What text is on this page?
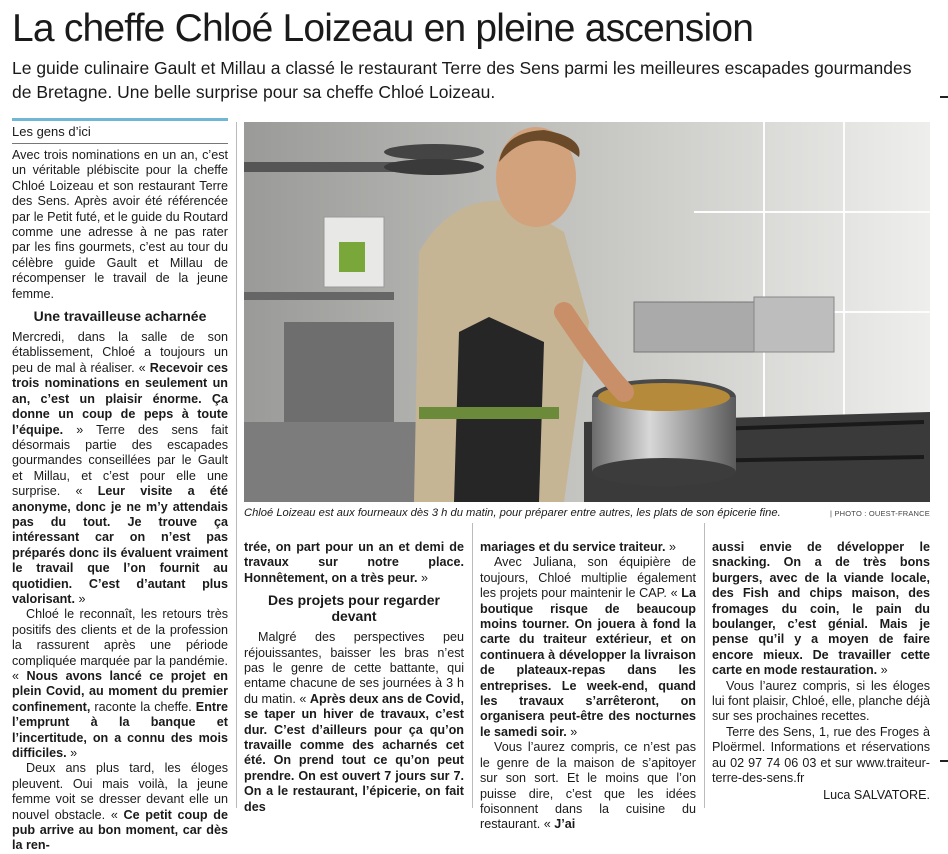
La cheffe Chloé Loizeau en pleine ascension

Le guide culinaire Gault et Millau a classé le restaurant Terre des Sens parmi les meilleures escapades gourmandes de Bretagne. Une belle surprise pour sa cheffe Chloé Loizeau.

Les gens d’ici

Avec trois nominations en un an, c’est un véritable plébiscite pour la cheffe Chloé Loizeau et son restaurant Terre des Sens. Après avoir été référencée par le Petit futé, et le guide du Routard comme une adresse à ne pas rater par les fins gourmets, c’est au tour du célèbre guide Gault et Millau de récompenser le travail de la jeune femme.

Une travailleuse acharnée

Mercredi, dans la salle de son établissement, Chloé a toujours un peu de mal à réaliser. « Recevoir ces trois nominations en seulement un an, c’est un plaisir énorme. Ça donne un coup de peps à toute l’équipe. » Terre des sens fait désormais partie des escapades gourmandes conseillées par le Gault et Millau, et c’est pour elle une surprise. « Leur visite a été anonyme, donc je ne m’y attendais pas du tout. Je trouve ça intéressant car on n’est pas préparés donc ils évaluent vraiment le travail que l’on fournit au quotidien. C’est d’autant plus valorisant. »

Chloé le reconnaît, les retours très positifs des clients et de la profession la rassurent après une période compliquée marquée par la pandémie. « Nous avons lancé ce projet en plein Covid, au moment du premier confinement, raconte la cheffe. Entre l’emprunt à la banque et l’incertitude, on a connu des mois difficiles. »

Deux ans plus tard, les éloges pleuvent. Oui mais voilà, la jeune femme voit se dresser devant elle un nouvel obstacle. « Ce petit coup de pub arrive au bon moment, car dès la ren-

Chloé Loizeau est aux fourneaux dès 3 h du matin, pour préparer entre autres, les plats de son épicerie fine.	| PHOTO : OUEST-FRANCE

trée, on part pour un an et demi de travaux sur notre place. Honnêtement, on a très peur. »

Des projets pour regarder devant

Malgré des perspectives peu réjouissantes, baisser les bras n’est pas le genre de cette battante, qui entame chacune de ses journées à 3 h du matin. « Après deux ans de Covid, se taper un hiver de travaux, c’est dur. C’est d’ailleurs pour ça qu’on travaille comme des acharnés cet été. On prend tout ce qu’on peut prendre. On est ouvert 7 jours sur 7. On a le restaurant, l’épicerie, on fait des

mariages et du service traiteur. »

Avec Juliana, son équipière de toujours, Chloé multiplie également les projets pour maintenir le CAP. « La boutique risque de beaucoup moins tourner. On jouera à fond la carte du traiteur extérieur, et on continuera à développer la livraison de plateaux-repas dans les entreprises. Le week-end, quand les travaux s’arrêteront, on organisera peut-être des nocturnes le samedi soir. »

Vous l’aurez compris, ce n’est pas le genre de la maison de s’apitoyer sur son sort. Et le moins que l’on puisse dire, c’est que les idées foisonnent dans la cuisine du restaurant. « J’ai

aussi envie de développer le snacking. On a de très bons burgers, avec de la viande locale, des Fish and chips maison, des fromages du coin, le pain du boulanger, c’est génial. Mais je pense qu’il y a moyen de faire encore mieux. De travailler cette carte en mode restauration. »

Vous l’aurez compris, si les éloges lui font plaisir, Chloé, elle, planche déjà sur ses prochaines recettes.

Terre des Sens, 1, rue des Froges à Ploërmel. Informations et réservations au 02 97 74 06 03 et sur www.traiteur-terre-des-sens.fr

Luca SALVATORE.
